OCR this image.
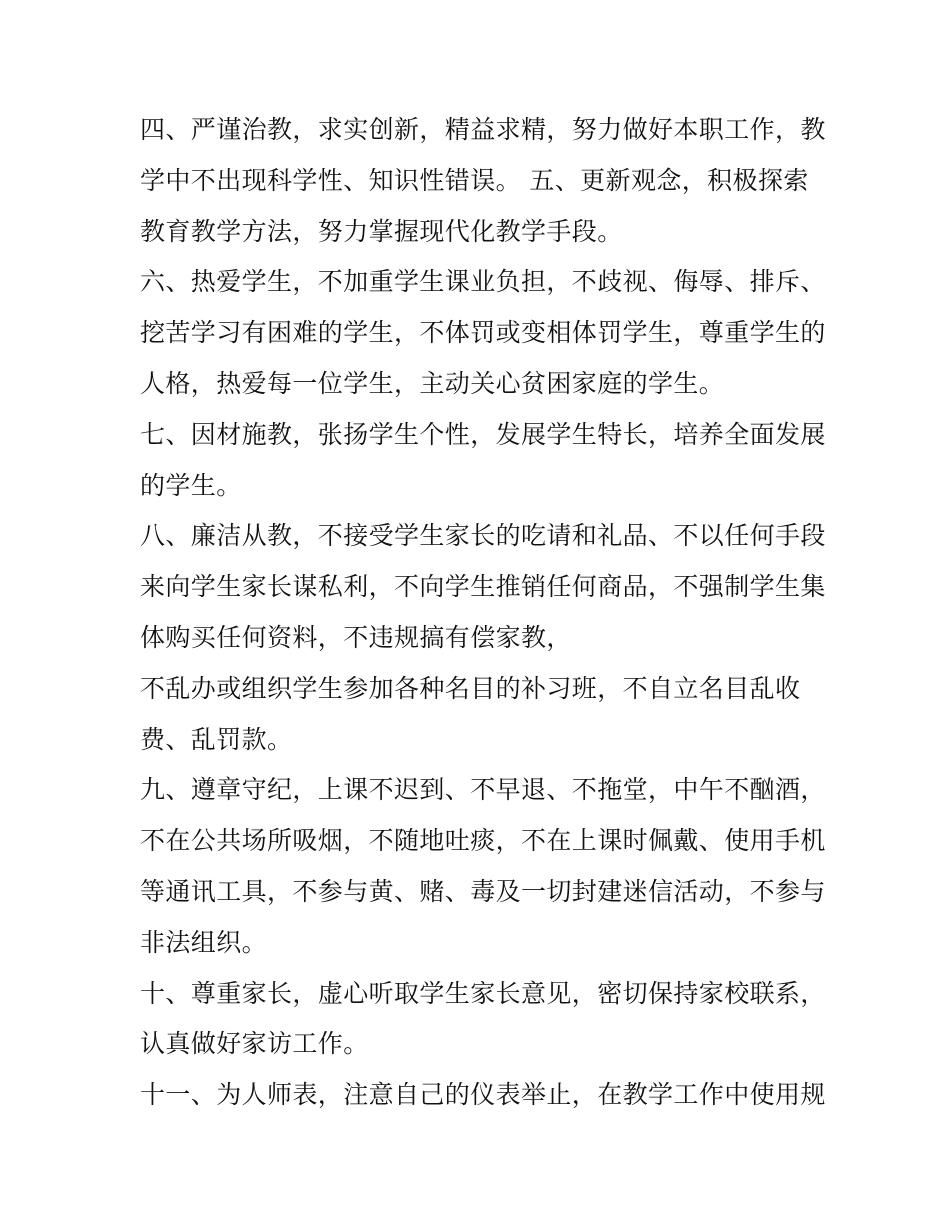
四、严谨治教，求实创新，精益求精，努力做好本职工作，教
学中不出现科学性、知识性错误。 五、更新观念，积极探索
教育教学方法，努力掌握现代化教学手段。
六、热爱学生，不加重学生课业负担，不歧视、侮辱、排斥、
挖苦学习有困难的学生，不体罚或变相体罚学生，尊重学生的
人格，热爱每一位学生，主动关心贫困家庭的学生。
七、因材施教，张扬学生个性，发展学生特长，培养全面发展
的学生。
八、廉洁从教，不接受学生家长的吃请和礼品、不以任何手段
来向学生家长谋私利，不向学生推销任何商品，不强制学生集
体购买任何资料，不违规搞有偿家教，
不乱办或组织学生参加各种名目的补习班，不自立名目乱收
费、乱罚款。
九、遵章守纪，上课不迟到、不早退、不拖堂，中午不酗酒，
不在公共场所吸烟，不随地吐痰，不在上课时佩戴、使用手机
等通讯工具，不参与黄、赌、毒及一切封建迷信活动，不参与
非法组织。
十、尊重家长，虚心听取学生家长意见，密切保持家校联系，
认真做好家访工作。
十一、为人师表，注意自己的仪表举止，在教学工作中使用规
